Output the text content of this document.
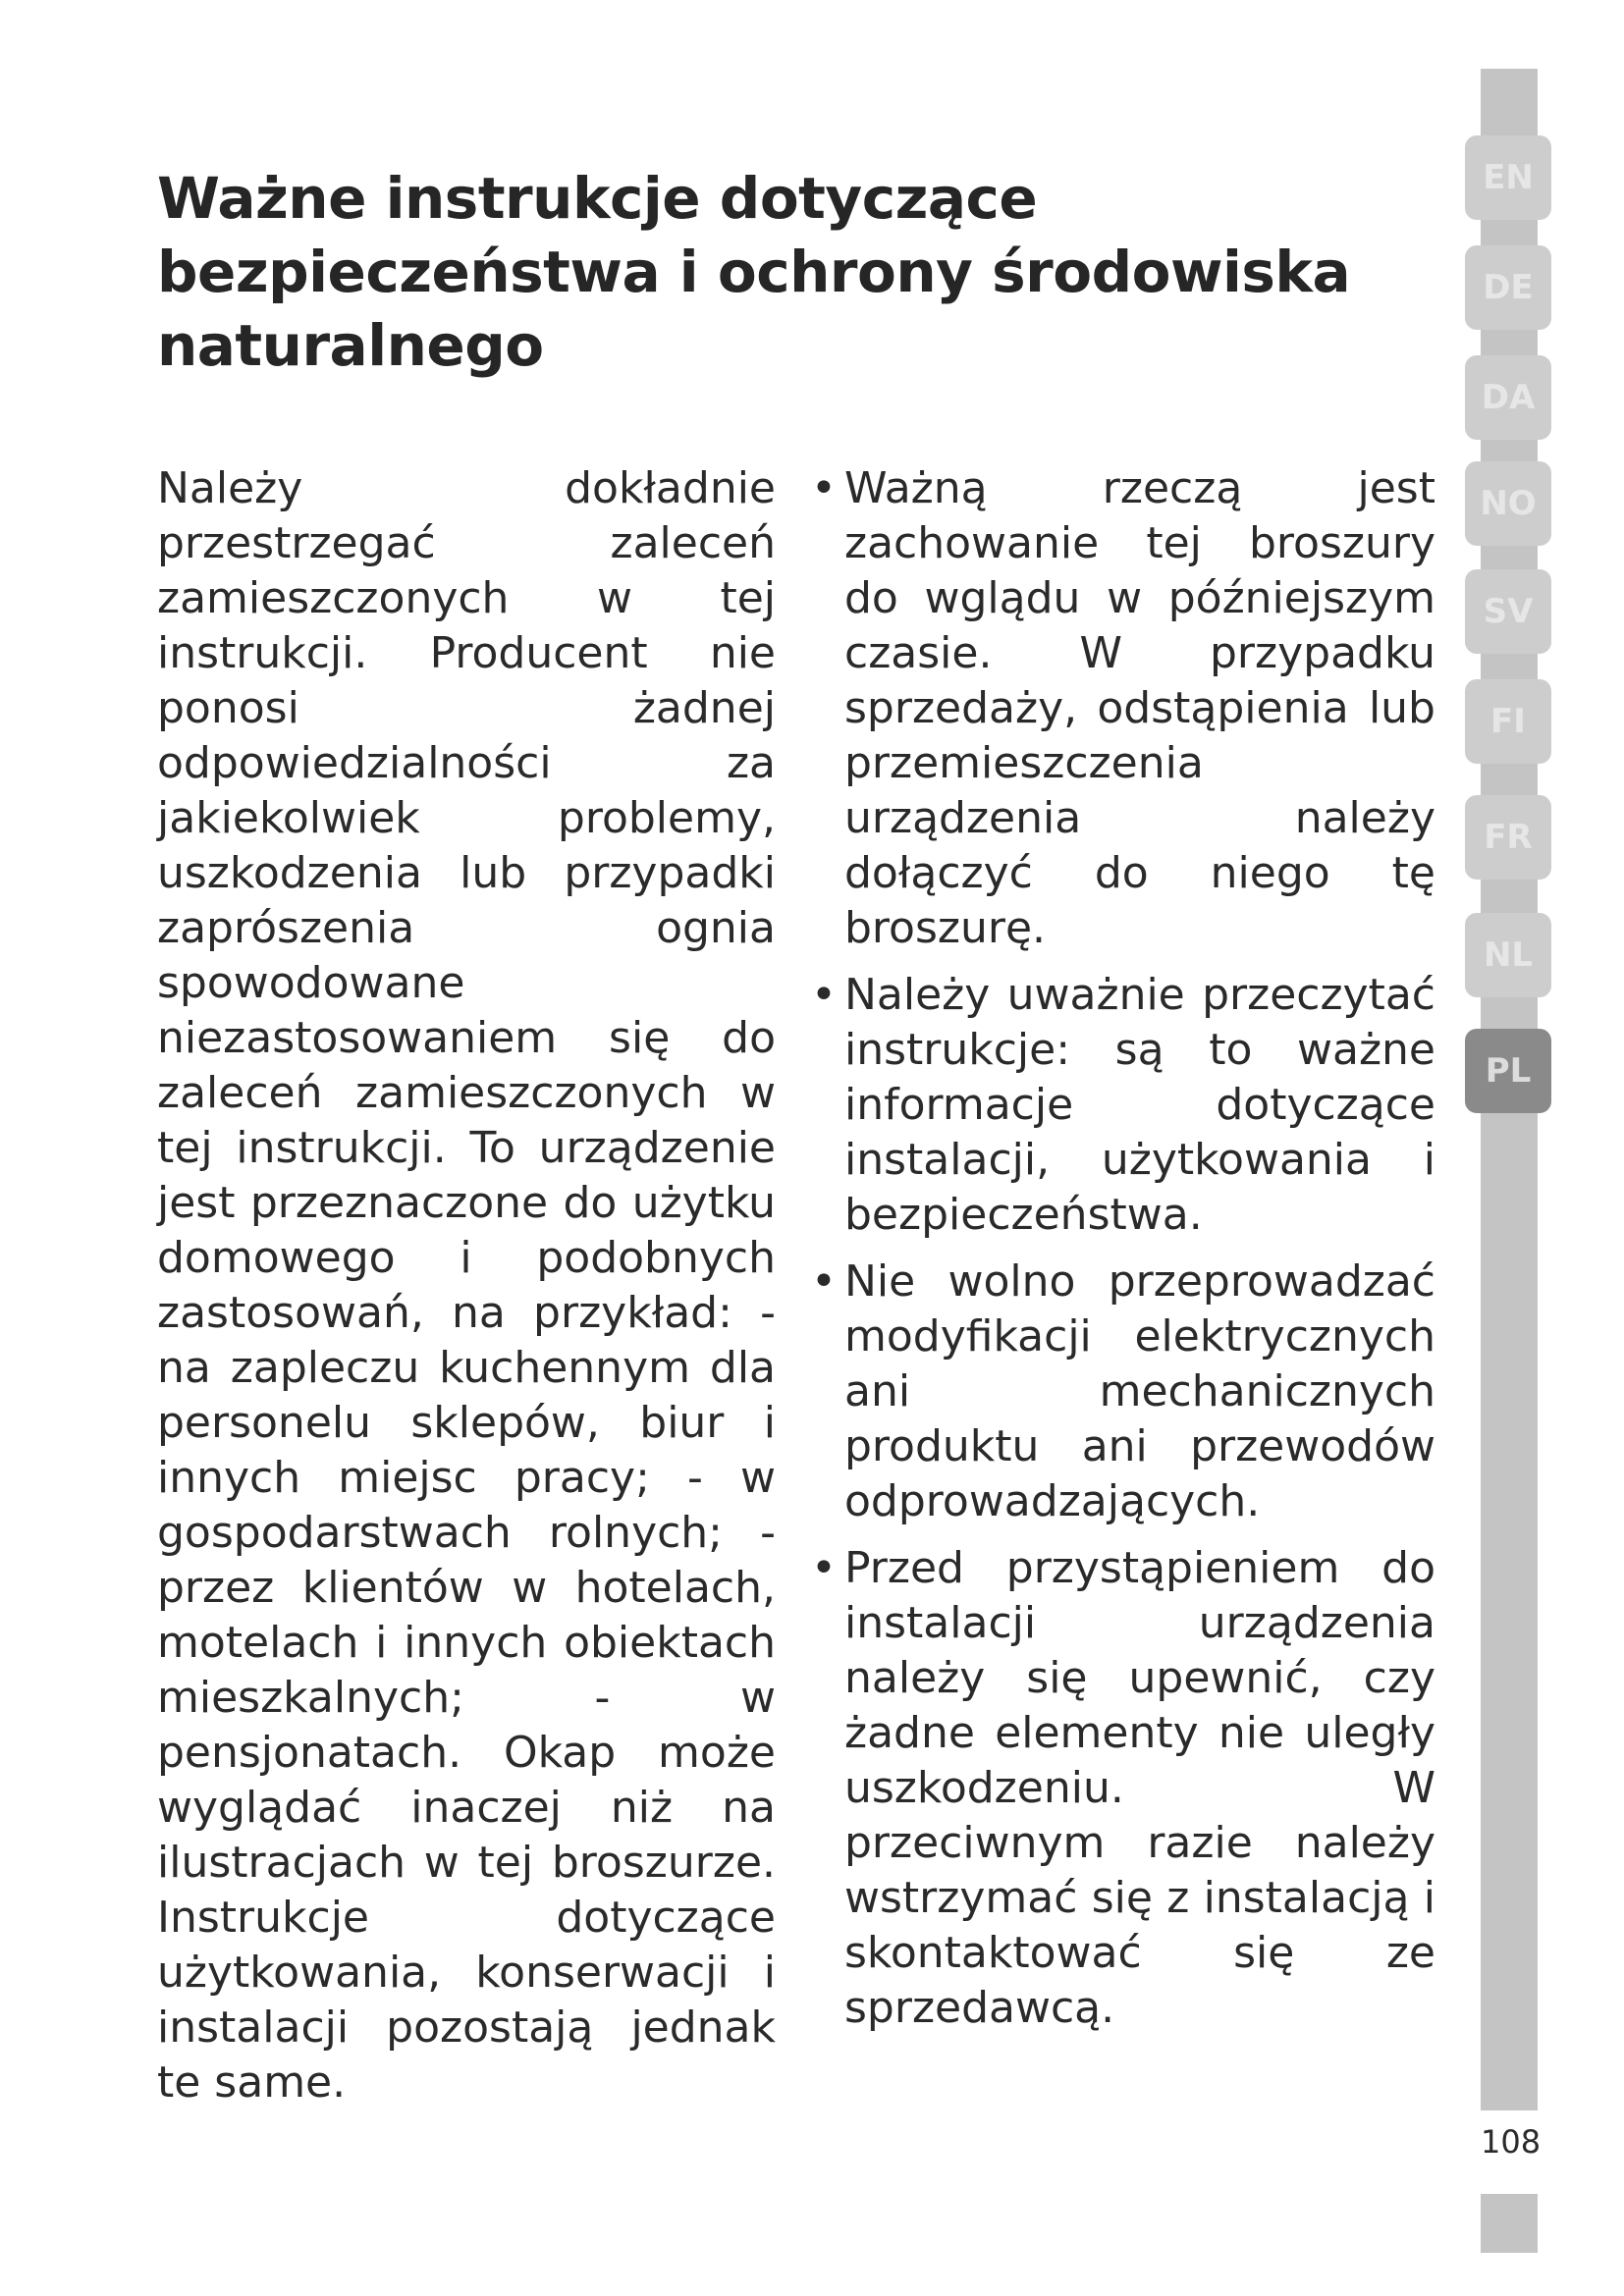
Ważne instrukcje dotyczące bezpieczeństwa i ochrony środowiska naturalnego

Należy dokładnie przestrzegać zaleceń zamieszczonych w tej instrukcji. Producent nie ponosi żadnej odpowiedzialności za jakiekolwiek problemy, uszkodzenia lub przypadki zaprószenia ognia spowodowane niezastosowaniem się do zaleceń zamieszczonych w tej instrukcji. To urządzenie jest przeznaczone do użytku domowego i podobnych zastosowań, na przykład: - na zapleczu kuchennym dla personelu sklepów, biur i innych miejsc pracy; - w gospodarstwach rolnych; - przez klientów w hotelach, motelach i innych obiektach mieszkalnych; - w pensjonatach. Okap może wyglądać inaczej niż na ilustracjach w tej broszurze. Instrukcje dotyczące użytkowania, konserwacji i instalacji pozostają jednak te same.

• Ważną rzeczą jest zachowanie tej broszury do wglądu w późniejszym czasie. W przypadku sprzedaży, odstąpienia lub przemieszczenia urządzenia należy dołączyć do niego tę broszurę.
• Należy uważnie przeczytać instrukcje: są to ważne informacje dotyczące instalacji, użytkowania i bezpieczeństwa.
• Nie wolno przeprowadzać modyfikacji elektrycznych ani mechanicznych produktu ani przewodów odprowadzających.
• Przed przystąpieniem do instalacji urządzenia należy się upewnić, czy żadne elementy nie uległy uszkodzeniu. W przeciwnym razie należy wstrzymać się z instalacją i skontaktować się ze sprzedawcą.
EN
DE
DA
NO
SV
FI
FR
NL
PL
108
